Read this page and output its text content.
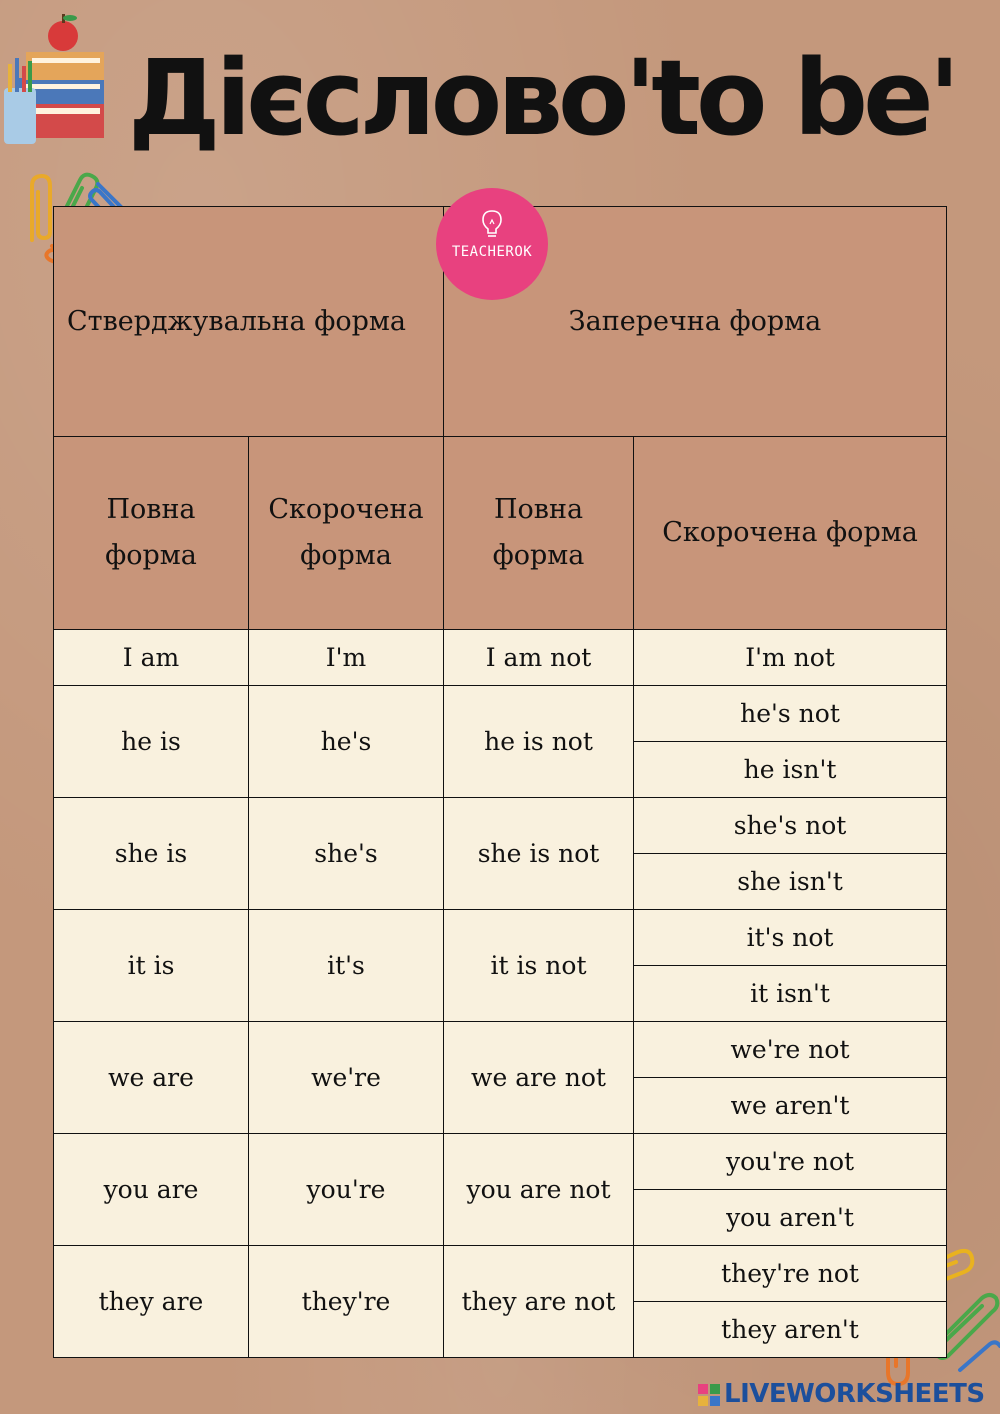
Дієслово'to be'
TEACHEROK
Стверджувальна форма		Заперечна форма	
Повна форма	Скорочена форма	Повна форма	Скорочена форма
I am	I'm	I am not	I'm not
he is	he's	he is not	he's not
			he isn't
she is	she's	she is not	she's not
			she isn't
it is	it's	it is not	it's not
			it isn't
we are	we're	we are not	we're not
			we aren't
you are	you're	you are not	you're not
			you aren't
they are	they're	they are not	they're not
			they aren't
LIVEWORKSHEETS
